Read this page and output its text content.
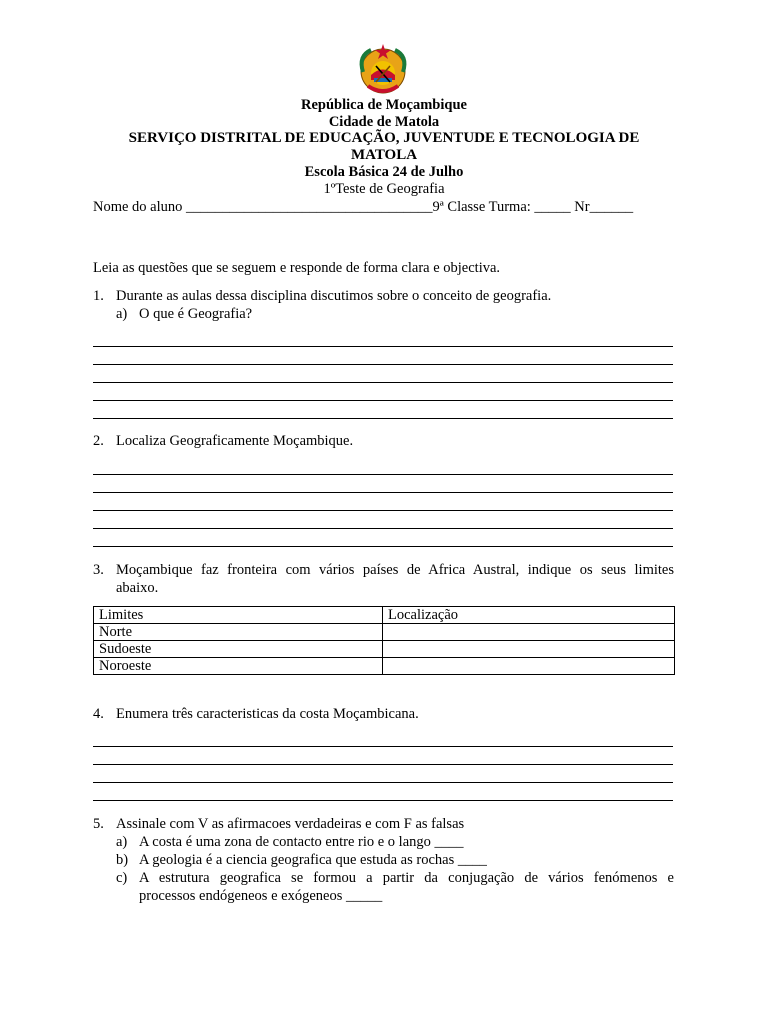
República de Moçambique
Cidade de Matola
SERVIÇO DISTRITAL DE EDUCAÇÃO, JUVENTUDE E TECNOLOGIA DE
MATOLA
Escola Básica 24 de Julho
1ºTeste de Geografia
Nome do aluno __________________________________9ª Classe Turma: _____ Nr______
Leia as questões que se seguem e responde de forma clara e objectiva.
1. Durante as aulas dessa disciplina discutimos sobre o conceito de geografia.
a) O que é Geografia?
2. Localiza Geograficamente Moçambique.
3. Moçambique faz fronteira com vários países de Africa Austral, indique os seus limites
abaixo.
Limites	Localização
Norte	
Sudoeste	
Noroeste	
4. Enumera três caracteristicas da costa Moçambicana.
5. Assinale com V as afirmacoes verdadeiras e com F as falsas
a) A costa é uma zona de contacto entre rio e o lango ____
b) A geologia é a ciencia geografica que estuda as rochas ____
c) A estrutura geografica se formou a partir da conjugação de vários fenómenos e
processos endógeneos e exógeneos _____
